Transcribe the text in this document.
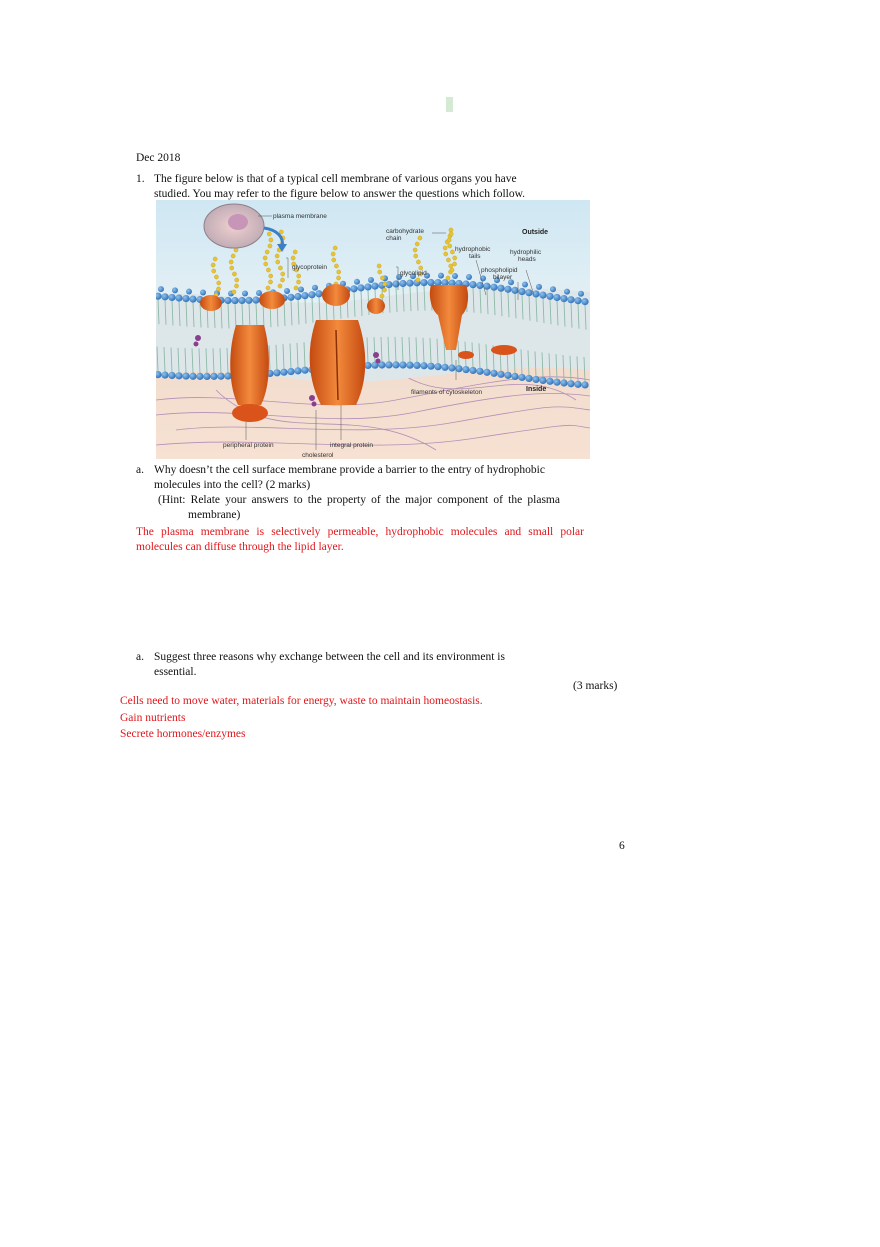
Dec 2018
1. The figure below is that of a typical cell membrane of various organs you have
studied. You may refer to the figure below to answer the questions which follow.
plasma membrane
carbohydrate
chain
Outside
hydrophobic
tails
hydrophilic
heads
glycoprotein
glycolipid	phospholipid
bilayer
filaments of cytoskeleton	Inside
peripheral protein	integral protein
cholesterol
a. Why doesn’t the cell surface membrane provide a barrier to the entry of hydrophobic
molecules into the cell? (2 marks)
(Hint: Relate your answers to the property of the major component of the plasma
membrane)
The plasma membrane is selectively permeable, hydrophobic molecules and small polar
molecules can diffuse through the lipid layer.
a. Suggest three reasons why exchange between the cell and its environment is
essential.
(3 marks)
Cells need to move water, materials for energy, waste to maintain homeostasis.
Gain nutrients
Secrete hormones/enzymes
6
